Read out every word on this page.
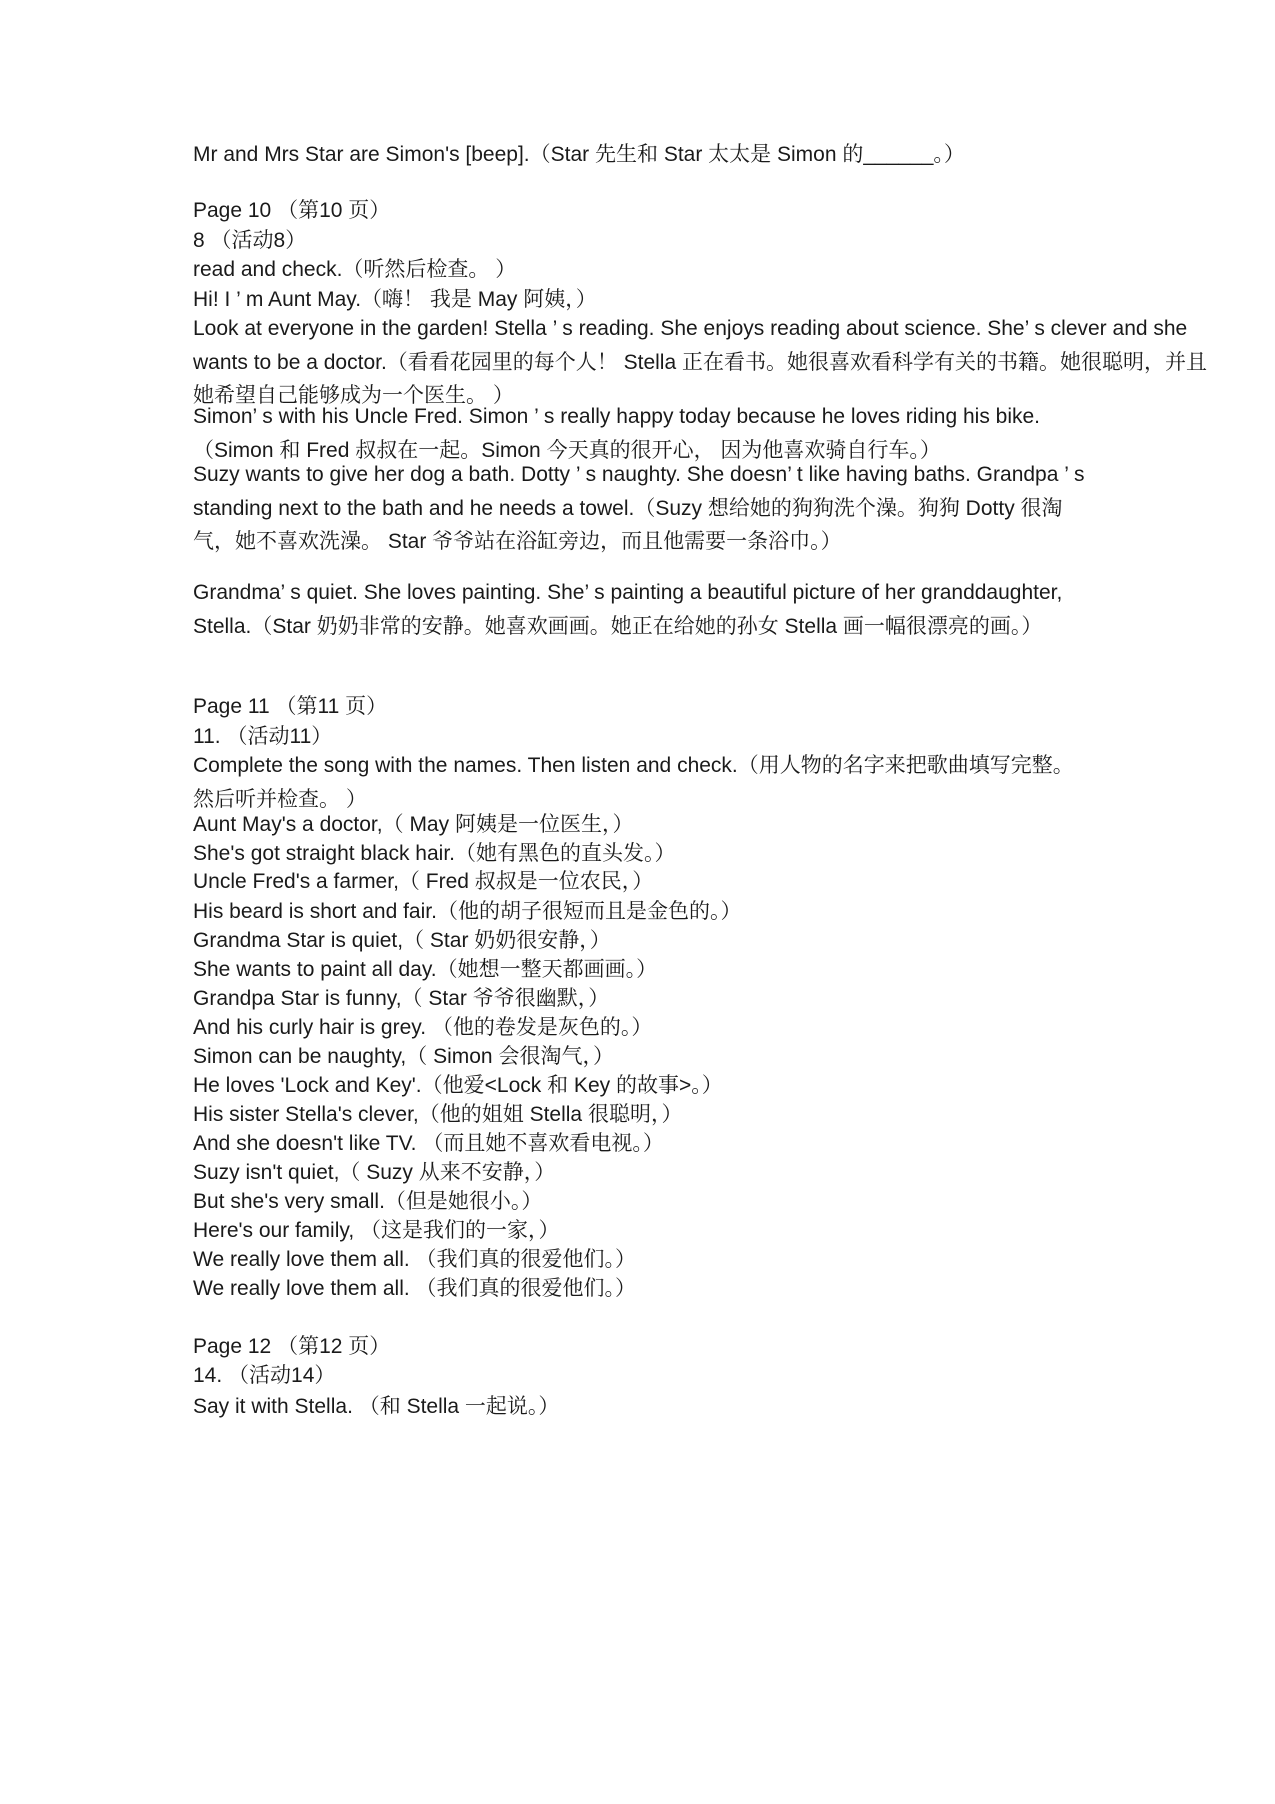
Mr and Mrs Star are Simon's [beep].（Star 先生和 Star 太太是 Simon 的______。）
Page 10 （第10 页）
8 （活动8）
read and check.（听然后检查。 ）
Hi! I ’ m Aunt May.（嗨！ 我是 May 阿姨，）
Look at everyone in the garden! Stella ’ s reading. She enjoys reading about science. She’ s clever and she wants to be a doctor.（看看花园里的每个人！ Stella 正在看书。她很喜欢看科学有关的书籍。她很聪明，并且她希望自己能够成为一个医生。 ）
Simon’ s with his Uncle Fred. Simon ’ s really happy today because he loves riding his bike.（Simon 和 Fred 叔叔在一起。Simon 今天真的很开心， 因为他喜欢骑自行车。）
Suzy wants to give her dog a bath. Dotty ’ s naughty. She doesn’ t like having baths. Grandpa ’ s standing next to the bath and he needs a towel.（Suzy 想给她的狗狗洗个澡。狗狗 Dotty 很淘气，她不喜欢洗澡。 Star 爷爷站在浴缸旁边，而且他需要一条浴巾。）
Grandma’ s quiet. She loves painting. She’ s painting a beautiful picture of her granddaughter, Stella.（Star 奶奶非常的安静。她喜欢画画。她正在给她的孙女 Stella 画一幅很漂亮的画。）
Page 11 （第11 页）
11. （活动11）
Complete the song with the names. Then listen and check.（用人物的名字来把歌曲填写完整。然后听并检查。 ）
Aunt May's a doctor,（ May 阿姨是一位医生，）
She's got straight black hair.（她有黑色的直头发。）
Uncle Fred's a farmer,（ Fred 叔叔是一位农民，）
His beard is short and fair.（他的胡子很短而且是金色的。）
Grandma Star is quiet,（ Star 奶奶很安静，）
She wants to paint all day.（她想一整天都画画。）
Grandpa Star is funny,（ Star 爷爷很幽默，）
And his curly hair is grey. （他的卷发是灰色的。）
Simon can be naughty,（ Simon 会很淘气，）
He loves 'Lock and Key'.（他爱<Lock 和 Key 的故事>。）
His sister Stella's clever,（他的姐姐 Stella 很聪明，）
And she doesn't like TV. （而且她不喜欢看电视。）
Suzy isn't quiet,（ Suzy 从来不安静，）
But she's very small.（但是她很小。）
Here's our family, （这是我们的一家，）
We really love them all. （我们真的很爱他们。）
We really love them all. （我们真的很爱他们。）
Page 12 （第12 页）
14. （活动14）
Say it with Stella. （和 Stella 一起说。）
